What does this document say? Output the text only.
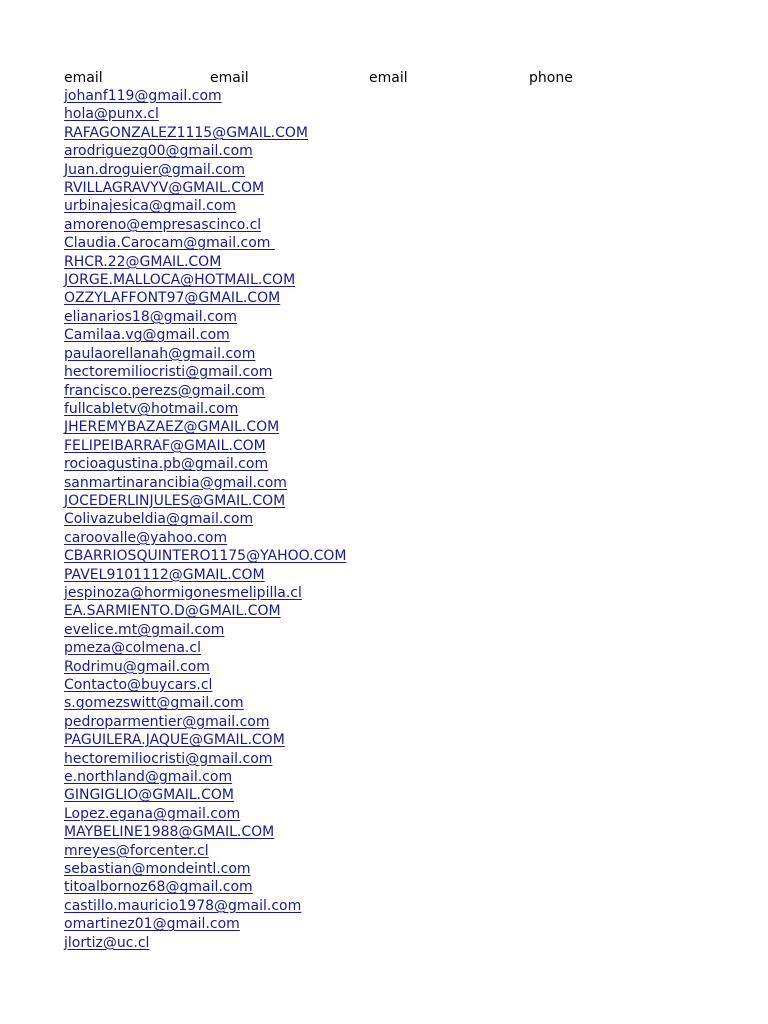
email	email	email	phone
johanf119@gmail.com
hola@punx.cl
RAFAGONZALEZ1115@GMAIL.COM
arodriguezg00@gmail.com
Juan.droguier@gmail.com
RVILLAGRAVYV@GMAIL.COM
urbinajesica@gmail.com
amoreno@empresascinco.cl
Claudia.Carocam@gmail.com
RHCR.22@GMAIL.COM
JORGE.MALLOCA@HOTMAIL.COM
OZZYLAFFONT97@GMAIL.COM
elianarios18@gmail.com
Camilaa.vg@gmail.com
paulaorellanah@gmail.com
hectoremiliocristi@gmail.com
francisco.perezs@gmail.com
fullcabletv@hotmail.com
JHEREMYBAZAEZ@GMAIL.COM
FELIPEIBARRAF@GMAIL.COM
rocioagustina.pb@gmail.com
sanmartinarancibia@gmail.com
JOCEDERLINJULES@GMAIL.COM
Colivazubeldia@gmail.com
caroovalle@yahoo.com
CBARRIOSQUINTERO1175@YAHOO.COM
PAVEL9101112@GMAIL.COM
jespinoza@hormigonesmelipilla.cl
EA.SARMIENTO.D@GMAIL.COM
evelice.mt@gmail.com
pmeza@colmena.cl
Rodrimu@gmail.com
Contacto@buycars.cl
s.gomezswitt@gmail.com
pedroparmentier@gmail.com
PAGUILERA.JAQUE@GMAIL.COM
hectoremiliocristi@gmail.com
e.northland@gmail.com
GINGIGLIO@GMAIL.COM
Lopez.egana@gmail.com
MAYBELINE1988@GMAIL.COM
mreyes@forcenter.cl
sebastian@mondeintl.com
titoalbornoz68@gmail.com
castillo.mauricio1978@gmail.com
omartinez01@gmail.com
jlortiz@uc.cl
